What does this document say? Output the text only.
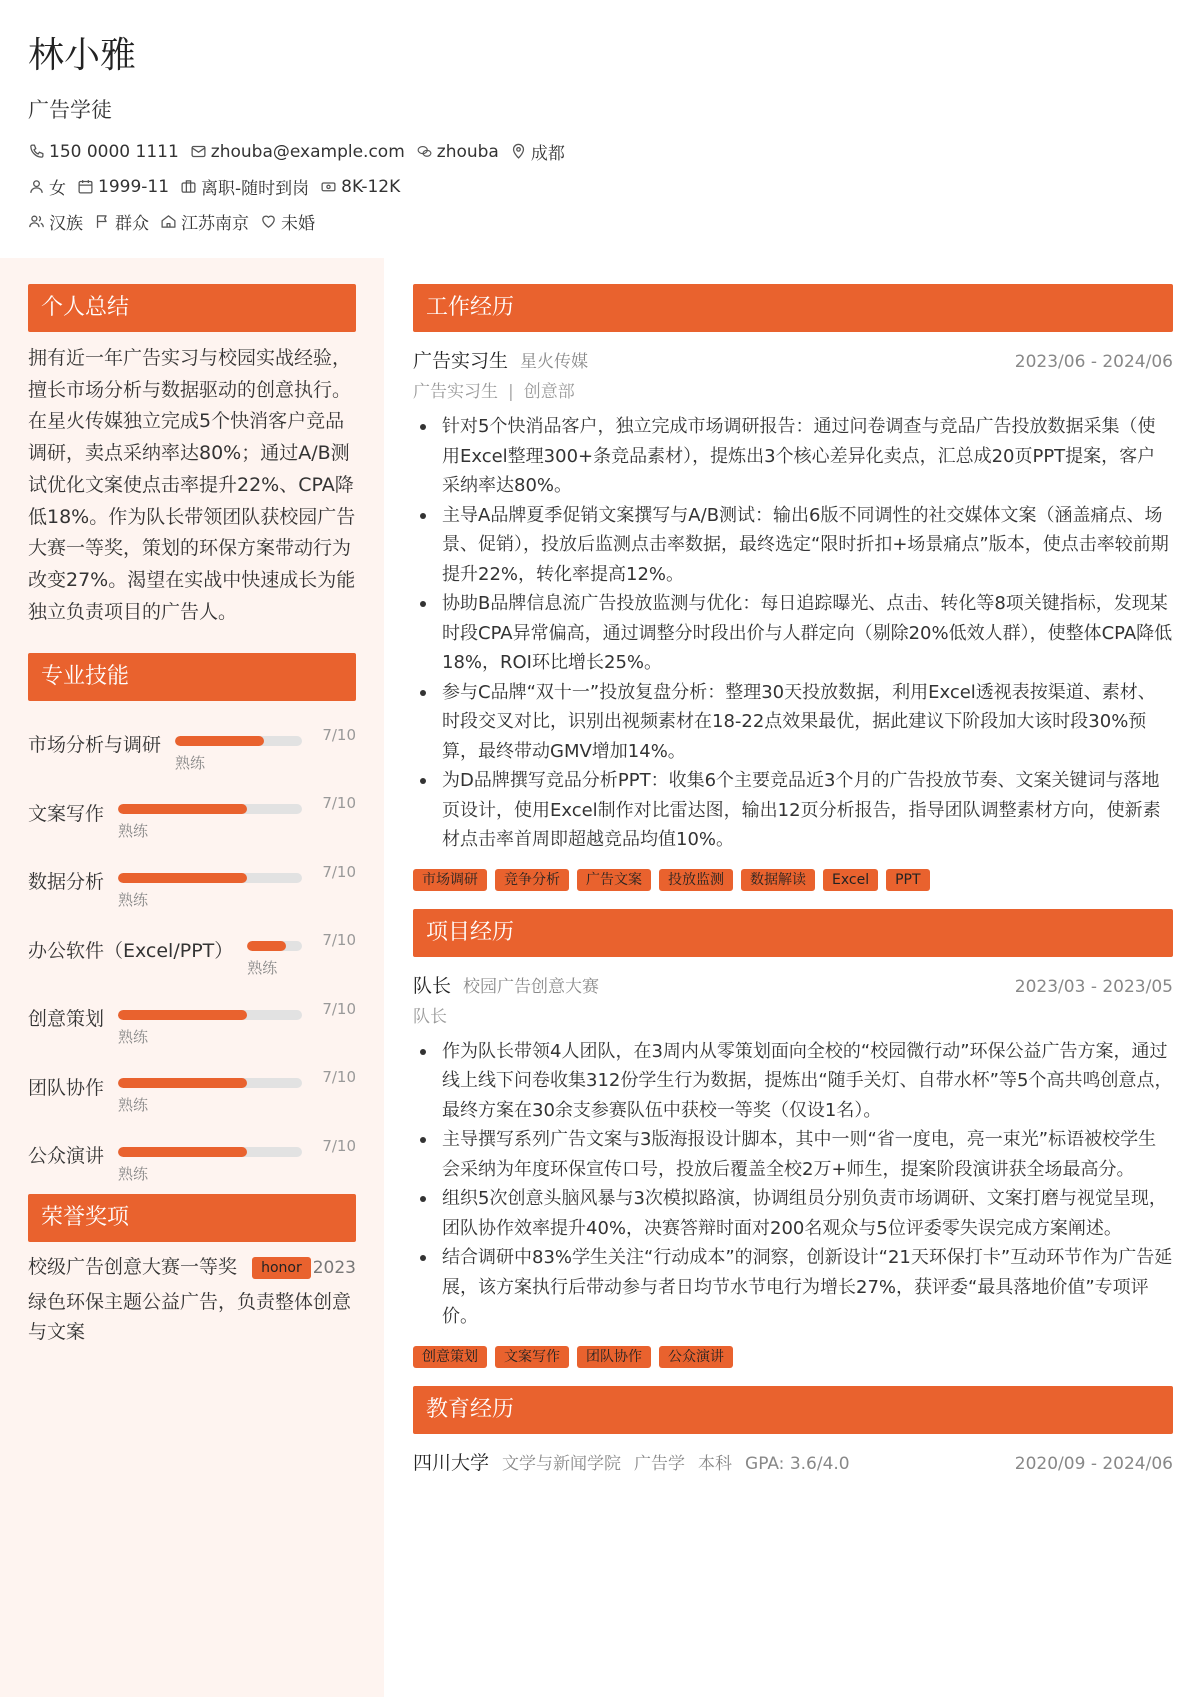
林小雅
广告学徒
150 0000 1111 zhouba@example.com zhouba 成都
女 1999-11 离职-随时到岗 8K-12K
汉族 群众 江苏南京 未婚
个人总结

拥有近一年广告实习与校园实战经验，擅长市场分析与数据驱动的创意执行。在星火传媒独立完成5个快消客户竞品调研，卖点采纳率达80%；通过A/B测试优化文案使点击率提升22%、CPA降低18%。作为队长带领团队获校园广告大赛一等奖，策划的环保方案带动行为改变27%。渴望在实战中快速成长为能独立负责项目的广告人。

专业技能
市场分析与调研	7/10
熟练
文案写作	7/10
熟练
数据分析	7/10
熟练
办公软件（Excel/PPT）	7/10
熟练
创意策划	7/10
熟练
团队协作	7/10
熟练
公众演讲	7/10
熟练
荣誉奖项
校级广告创意大赛一等奖	honor 2023
绿色环保主题公益广告，负责整体创意与文案
工作经历
广告实习生 星火传媒	2023/06 - 2024/06
广告实习生 | 创意部
针对5个快消品客户，独立完成市场调研报告：通过问卷调查与竞品广告投放数据采集（使用Excel整理300+条竞品素材），提炼出3个核心差异化卖点，汇总成20页PPT提案，客户采纳率达80%。
主导A品牌夏季促销文案撰写与A/B测试：输出6版不同调性的社交媒体文案（涵盖痛点、场景、促销），投放后监测点击率数据，最终选定“限时折扣+场景痛点”版本，使点击率较前期提升22%，转化率提高12%。
协助B品牌信息流广告投放监测与优化：每日追踪曝光、点击、转化等8项关键指标，发现某时段CPA异常偏高，通过调整分时段出价与人群定向（剔除20%低效人群），使整体CPA降低18%，ROI环比增长25%。
参与C品牌“双十一”投放复盘分析：整理30天投放数据，利用Excel透视表按渠道、素材、时段交叉对比，识别出视频素材在18-22点效果最优，据此建议下阶段加大该时段30%预算，最终带动GMV增加14%。
为D品牌撰写竞品分析PPT：收集6个主要竞品近3个月的广告投放节奏、文案关键词与落地页设计，使用Excel制作对比雷达图，输出12页分析报告，指导团队调整素材方向，使新素材点击率首周即超越竞品均值10%。
市场调研	竞争分析	广告文案	投放监测	数据解读	Excel	PPT
项目经历
队长 校园广告创意大赛	2023/03 - 2023/05
队长
作为队长带领4人团队，在3周内从零策划面向全校的“校园微行动”环保公益广告方案，通过线上线下问卷收集312份学生行为数据，提炼出“随手关灯、自带水杯”等5个高共鸣创意点，最终方案在30余支参赛队伍中获校一等奖（仅设1名）。
主导撰写系列广告文案与3版海报设计脚本，其中一则“省一度电，亮一束光”标语被校学生会采纳为年度环保宣传口号，投放后覆盖全校2万+师生，提案阶段演讲获全场最高分。
组织5次创意头脑风暴与3次模拟路演，协调组员分别负责市场调研、文案打磨与视觉呈现，团队协作效率提升40%，决赛答辩时面对200名观众与5位评委零失误完成方案阐述。
结合调研中83%学生关注“行动成本”的洞察，创新设计“21天环保打卡”互动环节作为广告延展，该方案执行后带动参与者日均节水节电行为增长27%，获评委“最具落地价值”专项评价。
创意策划	文案写作	团队协作	公众演讲
教育经历
四川大学 文学与新闻学院 广告学 本科 GPA: 3.6/4.0	2020/09 - 2024/06
